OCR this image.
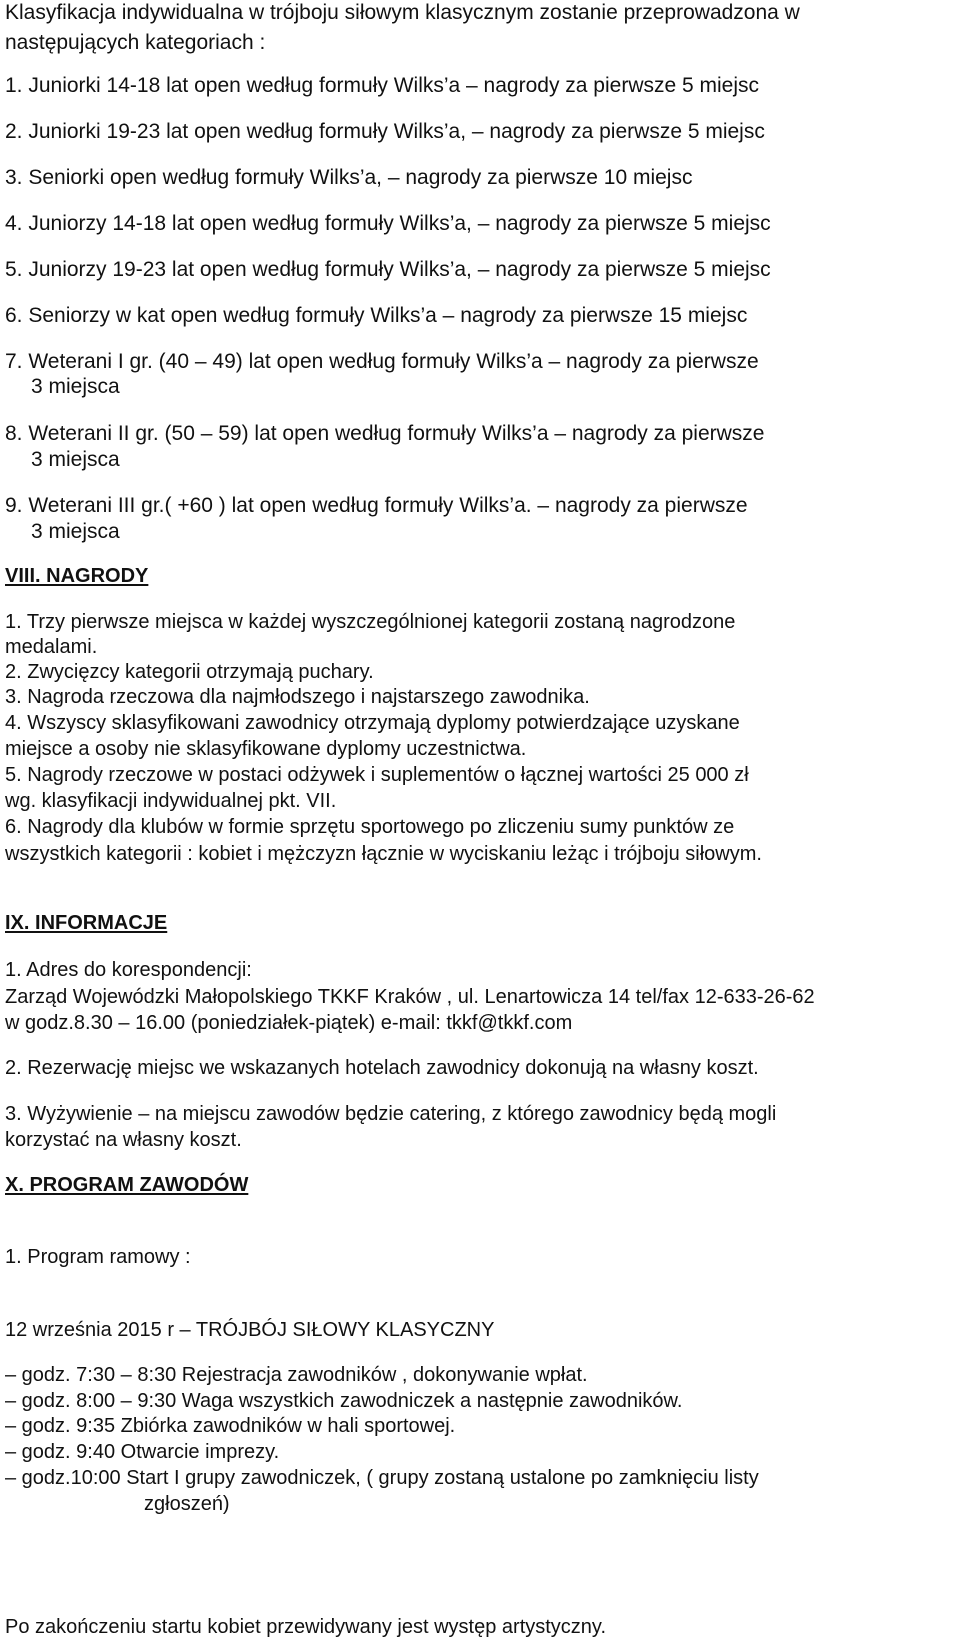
Klasyfikacja indywidualna w trójboju siłowym klasycznym zostanie przeprowadzona w
następujących kategoriach :
1. Juniorki 14-18 lat open według formuły Wilks’a – nagrody za pierwsze 5 miejsc
2. Juniorki 19-23 lat open według formuły Wilks’a, – nagrody za pierwsze 5 miejsc
3. Seniorki open według formuły Wilks’a, – nagrody za pierwsze 10 miejsc
4. Juniorzy 14-18 lat open według formuły Wilks’a, – nagrody za pierwsze 5 miejsc
5. Juniorzy 19-23 lat open według formuły Wilks’a, – nagrody za pierwsze 5 miejsc
6. Seniorzy w kat open według formuły Wilks’a – nagrody za pierwsze 15 miejsc
7. Weterani I gr. (40 – 49) lat open według formuły Wilks’a – nagrody za pierwsze
3 miejsca
8. Weterani II gr. (50 – 59) lat open według formuły Wilks’a – nagrody za pierwsze
3 miejsca
9. Weterani III gr.( +60 ) lat open według formuły Wilks’a. – nagrody za pierwsze
3 miejsca
VIII. NAGRODY
1. Trzy pierwsze miejsca w każdej wyszczególnionej kategorii zostaną nagrodzone
medalami.
2. Zwycięzcy kategorii otrzymają puchary.
3. Nagroda rzeczowa dla najmłodszego i najstarszego zawodnika.
4. Wszyscy sklasyfikowani zawodnicy otrzymają dyplomy potwierdzające uzyskane
miejsce a osoby nie sklasyfikowane dyplomy uczestnictwa.
5. Nagrody rzeczowe w postaci odżywek i suplementów o łącznej wartości 25 000 zł
wg. klasyfikacji indywidualnej pkt. VII.
6. Nagrody dla klubów w formie sprzętu sportowego po zliczeniu sumy punktów ze
wszystkich kategorii : kobiet i mężczyzn łącznie w wyciskaniu leżąc i trójboju siłowym.
IX. INFORMACJE
1. Adres do korespondencji:
Zarząd Wojewódzki Małopolskiego TKKF Kraków , ul. Lenartowicza 14 tel/fax 12-633-26-62
w godz.8.30 – 16.00 (poniedziałek-piątek) e-mail: tkkf@tkkf.com
2. Rezerwację miejsc we wskazanych hotelach zawodnicy dokonują na własny koszt.
3. Wyżywienie – na miejscu zawodów będzie catering, z którego zawodnicy będą mogli
korzystać na własny koszt.
X. PROGRAM ZAWODÓW
1. Program ramowy :
12 września 2015 r – TRÓJBÓJ SIŁOWY KLASYCZNY
– godz. 7:30 – 8:30 Rejestracja zawodników , dokonywanie wpłat.
– godz. 8:00 – 9:30 Waga wszystkich zawodniczek a następnie zawodników.
– godz. 9:35 Zbiórka zawodników w hali sportowej.
– godz. 9:40 Otwarcie imprezy.
– godz.10:00 Start I grupy zawodniczek, ( grupy zostaną ustalone po zamknięciu listy
zgłoszeń)
Po zakończeniu startu kobiet przewidywany jest występ artystyczny.
